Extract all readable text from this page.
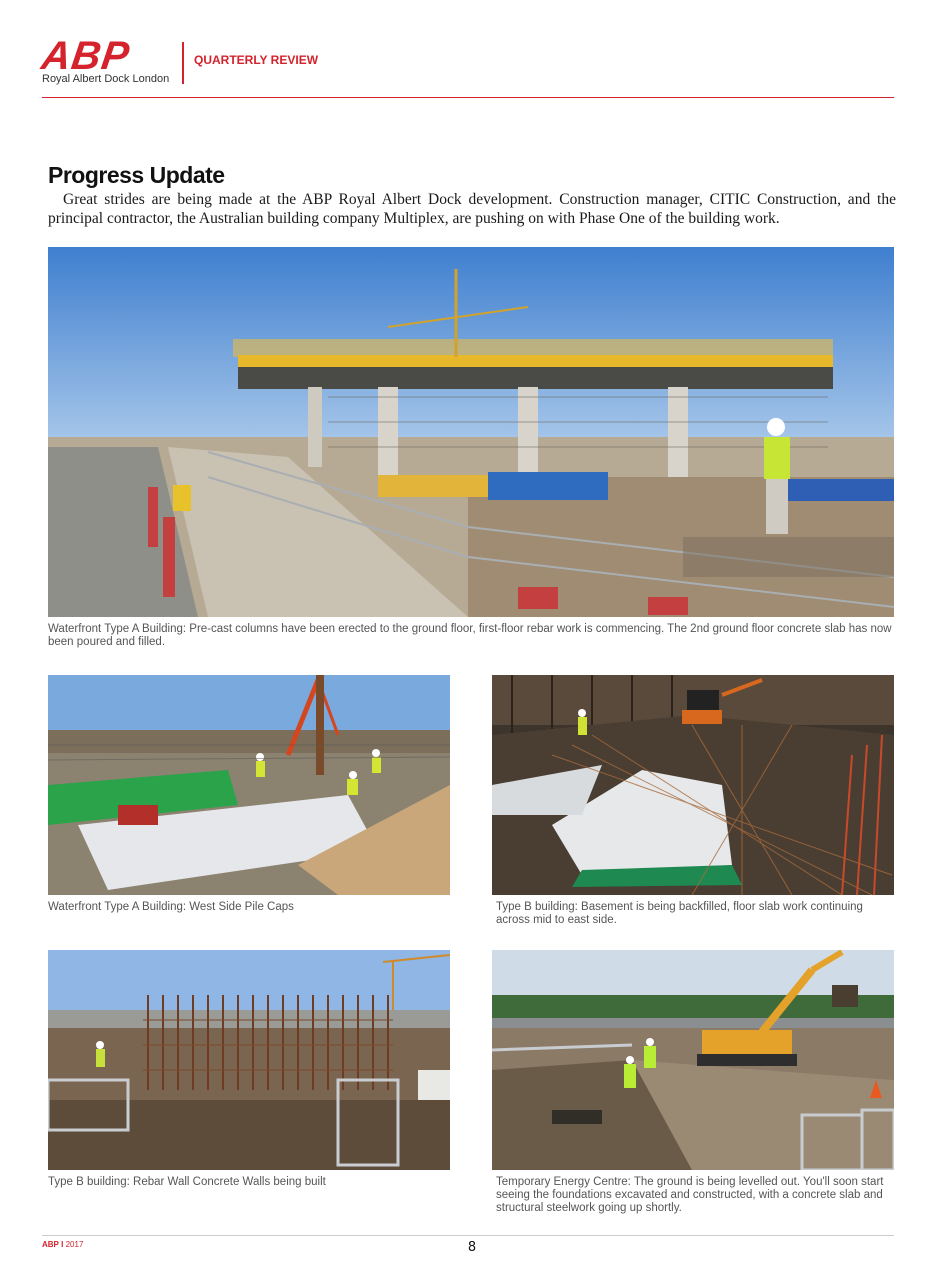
ABP
Royal Albert Dock London
QUARTERLY REVIEW
Progress Update

Great strides are being made at the ABP Royal Albert Dock development. Construction manager, CITIC Construction, and the principal contractor, the Australian building company Multiplex, are pushing on with Phase One of the building work.

Waterfront Type A Building: Pre-cast columns have been erected to the ground floor, first-floor rebar work is commencing. The 2nd ground floor concrete slab has now been poured and filled.
Waterfront Type A Building: West Side Pile Caps	Type B building: Basement is being backfilled, floor slab work continuing across mid to east side.
Type B building: Rebar Wall Concrete Walls being built	Temporary Energy Centre: The ground is being levelled out. You'll soon start seeing the foundations excavated and constructed, with a concrete slab and structural steelwork going up shortly.
ABP I 2017	8
